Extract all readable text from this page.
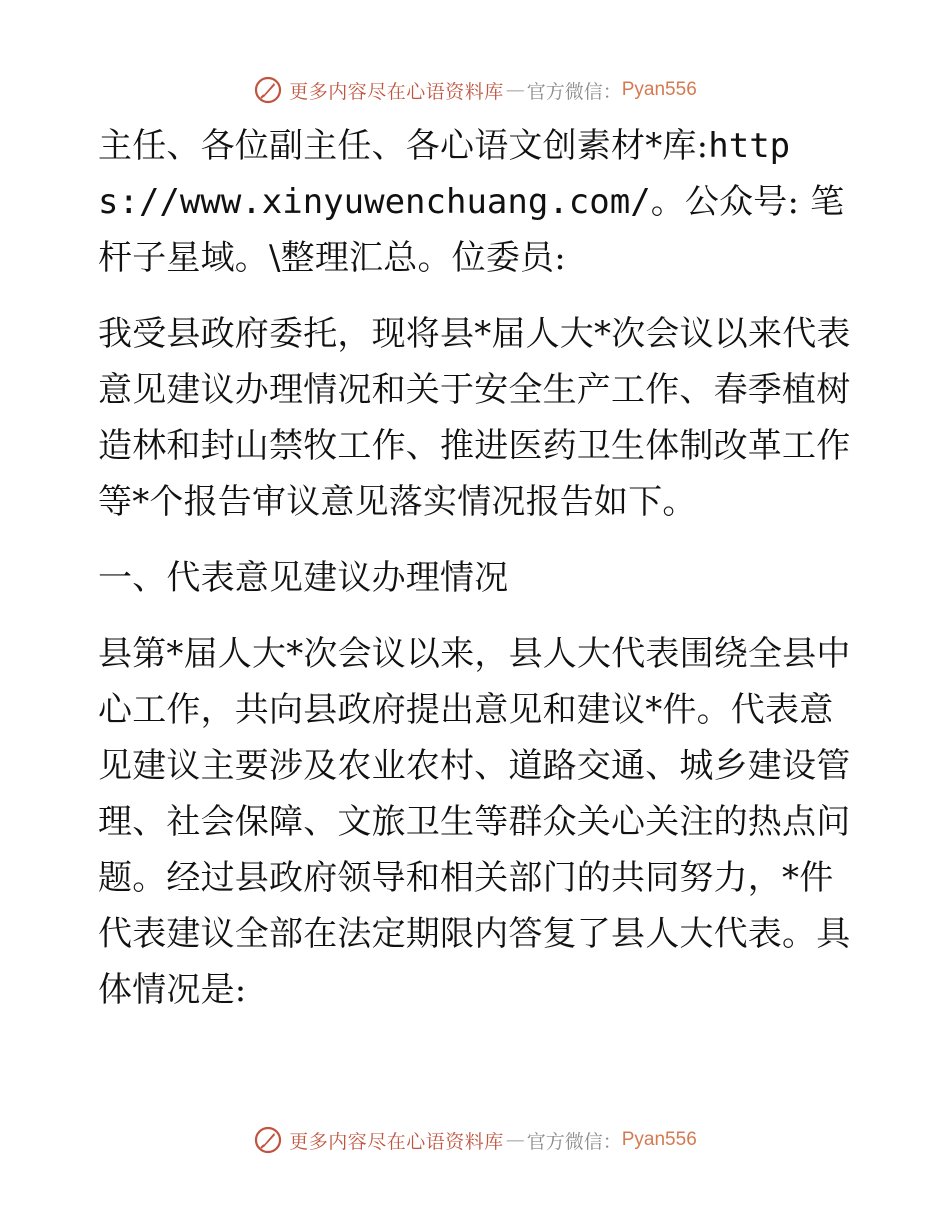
更多内容尽在心语资料库 — 官方微信： Pyan556

主任、各位副主任、各心语文创素材*库:https://www.xinyuwenchuang.com/。公众号: 笔杆子星域。\整理汇总。位委员:

我受县政府委托，现将县*届人大*次会议以来代表意见建议办理情况和关于安全生产工作、春季植树造林和封山禁牧工作、推进医药卫生体制改革工作等*个报告审议意见落实情况报告如下。

一、代表意见建议办理情况

县第*届人大*次会议以来，县人大代表围绕全县中心工作，共向县政府提出意见和建议*件。代表意见建议主要涉及农业农村、道路交通、城乡建设管理、社会保障、文旅卫生等群众关心关注的热点问题。经过县政府领导和相关部门的共同努力，*件代表建议全部在法定期限内答复了县人大代表。具体情况是:

更多内容尽在心语资料库 — 官方微信： Pyan556
